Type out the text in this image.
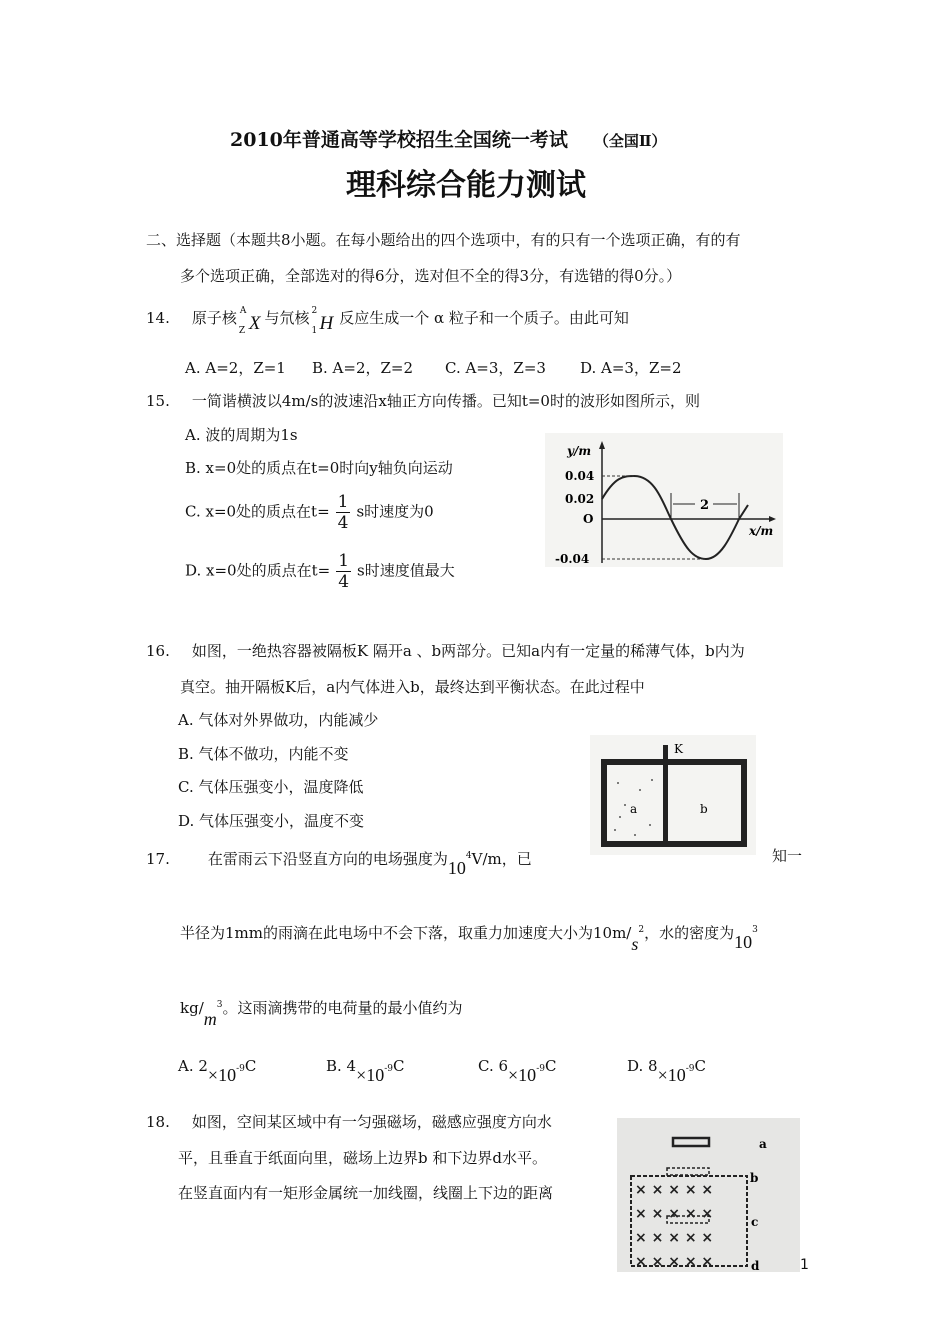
2010年普通高等学校招生全国统一考试 （全国Ⅱ）
理科综合能力测试
二、选择题（本题共8小题。在每小题给出的四个选项中，有的只有一个选项正确，有的有
多个选项正确，全部选对的得6分，选对但不全的得3分，有选错的得0分。）
14. 原子核 A
Z X 与氘核 2
1 H 反应生成一个 α 粒子和一个质子。由此可知
A. A=2，Z=1 B. A=2，Z=2 C. A=3，Z=3 D. A=3，Z=2
15. 一简谐横波以4m/s的波速沿x轴正方向传播。已知t=0时的波形如图所示，则
A. 波的周期为1s
B. x=0处的质点在t=0时向y轴负向运动
C. x=0处的质点在$t= \frac{1}{4}$ s时速度为0
D. x=0处的质点在$t= \frac{1}{4}$ s时速度值最大
2
y/m
x/m
0.04
0.02
O
-0.04
16. 如图，一绝热容器被隔板K 隔开a 、b两部分。已知a内有一定量的稀薄气体，b内为
真空。抽开隔板K后，a内气体进入b，最终达到平衡状态。在此过程中
A. 气体对外界做功，内能减少
B. 气体不做功，内能不变
C. 气体压强变小，温度降低
D. 气体压强变小，温度不变
K
a	b
17.	在雷雨云下沿竖直方向的电场强度为$10^4V/m$，已	知一
半径为1mm的雨滴在此电场中不会下落，取重力加速度大小为$10m/s^2$，水的密度为$10^3$
$kg/m^3$。这雨滴携带的电荷量的最小值约为
A. $2\times 10^{-9}C$	B. $4\times 10^{-9}C$	C. $6\times 10^{-9}C$	D. $8\times 10^{-9}C$
18. 如图，空间某区域中有一匀强磁场，磁感应强度方向水
平，且垂直于纸面向里，磁场上边界b 和下边界d水平。
在竖直面内有一矩形金属统一加线圈，线圈上下边的距离	× × × × ×
× × × × ×
× × × × ×
× × × × ×
a
b
c
d	1
